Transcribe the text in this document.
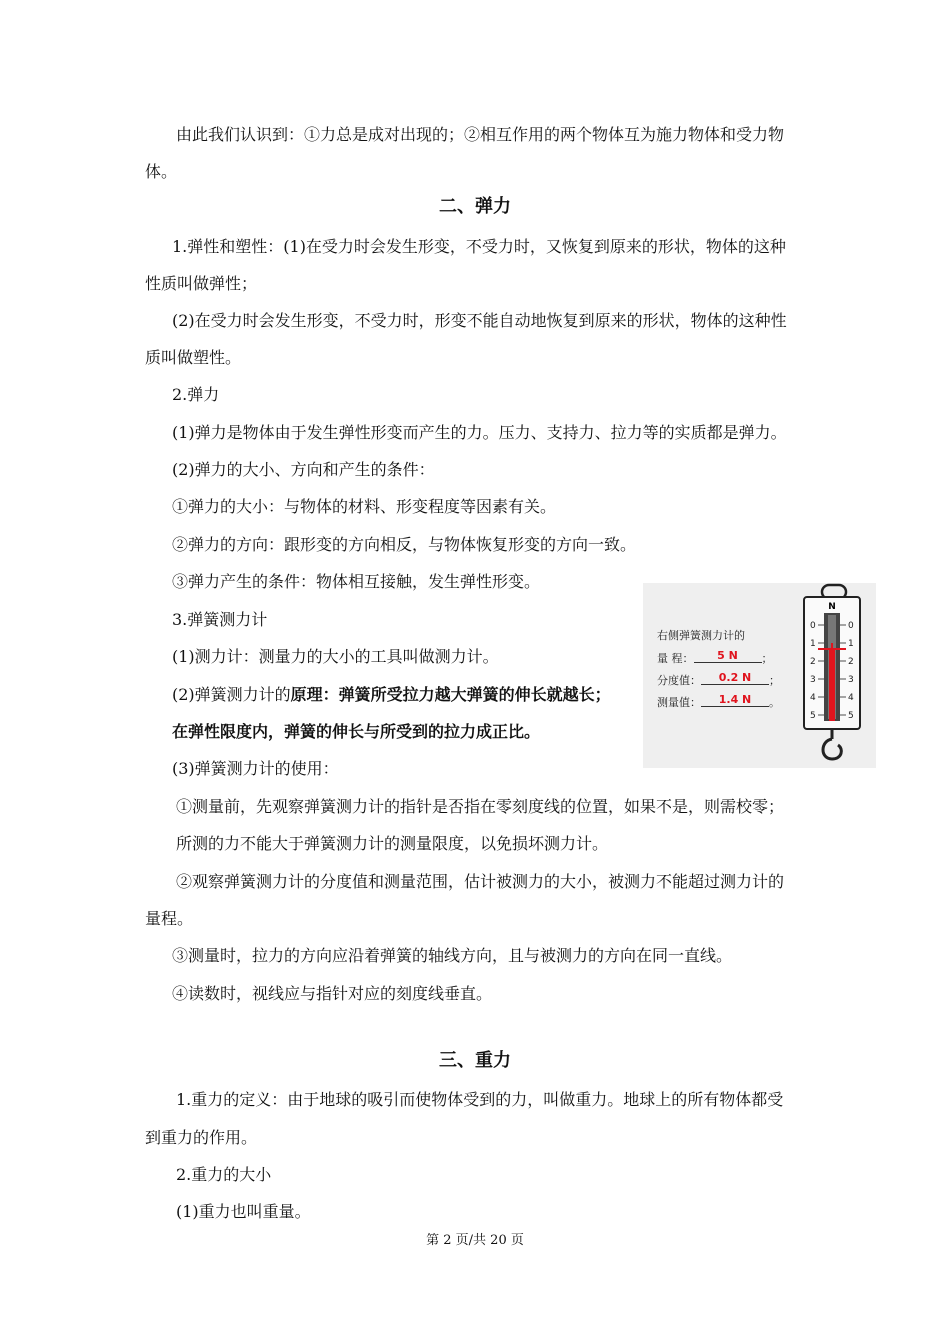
由此我们认识到：①力总是成对出现的；②相互作用的两个物体互为施力物体和受力物
体。
二、弹力
1.弹性和塑性：(1)在受力时会发生形变，不受力时，又恢复到原来的形状，物体的这种
性质叫做弹性；
(2)在受力时会发生形变，不受力时，形变不能自动地恢复到原来的形状，物体的这种性
质叫做塑性。
2.弹力
(1)弹力是物体由于发生弹性形变而产生的力。压力、支持力、拉力等的实质都是弹力。
(2)弹力的大小、方向和产生的条件：
①弹力的大小：与物体的材料、形变程度等因素有关。
②弹力的方向：跟形变的方向相反，与物体恢复形变的方向一致。
③弹力产生的条件：物体相互接触，发生弹性形变。
3.弹簧测力计
(1)测力计：测量力的大小的工具叫做测力计。
(2)弹簧测力计的原理：弹簧所受拉力越大弹簧的伸长就越长；
在弹性限度内，弹簧的伸长与所受到的拉力成正比。
(3)弹簧测力计的使用：
①测量前，先观察弹簧测力计的指针是否指在零刻度线的位置，如果不是，则需校零；
所测的力不能大于弹簧测力计的测量限度，以免损坏测力计。
②观察弹簧测力计的分度值和测量范围，估计被测力的大小，被测力不能超过测力计的
量程。
③测量时，拉力的方向应沿着弹簧的轴线方向，且与被测力的方向在同一直线。
④读数时，视线应与指针对应的刻度线垂直。
右侧弹簧测力计的
量 程： 5 N ；
分度值： 0.2 N ；
测量值： 1.4 N 。
N
0
1
2
3
4
5
0
1
2
3
4
5
三、重力
1.重力的定义：由于地球的吸引而使物体受到的力，叫做重力。地球上的所有物体都受
到重力的作用。
2.重力的大小
(1)重力也叫重量。
第 2 页/共 20 页
